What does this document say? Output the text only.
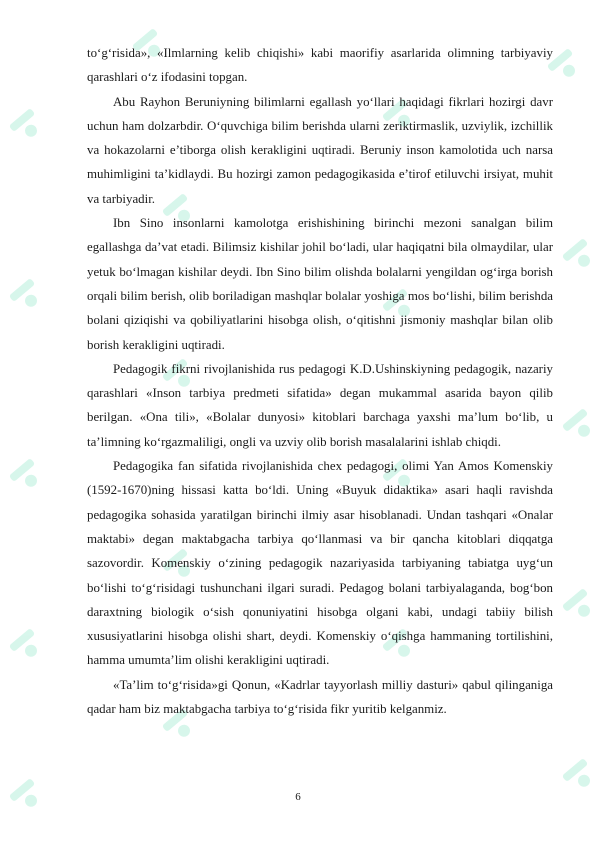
to‘g‘risida», «Ilmlarning kelib chiqishi» kabi maorifiy asarlarida olimning tarbiyaviy qarashlari o‘z ifodasini topgan.

Abu Rayhon Beruniyning bilimlarni egallash yo‘llari haqidagi fikrlari hozirgi davr uchun ham dolzarbdir. O‘quvchiga bilim berishda ularni zeriktirmaslik, uzviylik, izchillik va hokazolarni e’tiborga olish kerakligini uqtiradi. Beruniy inson kamolotida uch narsa muhimligini ta’kidlaydi. Bu hozirgi zamon pedagogikasida e’tirof etiluvchi irsiyat, muhit va tarbiyadir.

Ibn Sino insonlarni kamolotga erishishining birinchi mezoni sanalgan bilim egallashga da’vat etadi. Bilimsiz kishilar johil bo‘ladi, ular haqiqatni bila olmaydilar, ular yetuk bo‘lmagan kishilar deydi. Ibn Sino bilim olishda bolalarni yengildan og‘irga borish orqali bilim berish, olib boriladigan mashqlar bolalar yoshiga mos bo‘lishi, bilim berishda bolani qiziqishi va qobiliyatlarini hisobga olish, o‘qitishni jismoniy mashqlar bilan olib borish kerakligini uqtiradi.

Pedagogik fikrni rivojlanishida rus pedagogi K.D.Ushinskiyning pedagogik, nazariy qarashlari «Inson tarbiya predmeti sifatida» degan mukammal asarida bayon qilib berilgan. «Ona tili», «Bolalar dunyosi» kitoblari barchaga yaxshi ma’lum bo‘lib, u ta’limning ko‘rgazmaliligi, ongli va uzviy olib borish masalalarini ishlab chiqdi.

Pedagogika fan sifatida rivojlanishida chex pedagogi, olimi Yan Amos Komenskiy (1592-1670)ning hissasi katta bo‘ldi. Uning «Buyuk didaktika» asari haqli ravishda pedagogika sohasida yaratilgan birinchi ilmiy asar hisoblanadi. Undan tashqari «Onalar maktabi» degan maktabgacha tarbiya qo‘llanmasi va bir qancha kitoblari diqqatga sazovordir. Komenskiy o‘zining pedagogik nazariyasida tarbiyaning tabiatga uyg‘un bo‘lishi to‘g‘risidagi tushunchani ilgari suradi. Pedagog bolani tarbiyalaganda, bog‘bon daraxtning biologik o‘sish qonuniyatini hisobga olgani kabi, undagi tabiiy bilish xususiyatlarini hisobga olishi shart, deydi. Komenskiy o‘qishga hammaning tortilishini, hamma umumta’lim olishi kerakligini uqtiradi.

«Ta’lim to‘g‘risida»gi Qonun, «Kadrlar tayyorlash milliy dasturi» qabul qilinganiga qadar ham biz maktabgacha tarbiya to‘g‘risida fikr yuritib kelganmiz.

6
